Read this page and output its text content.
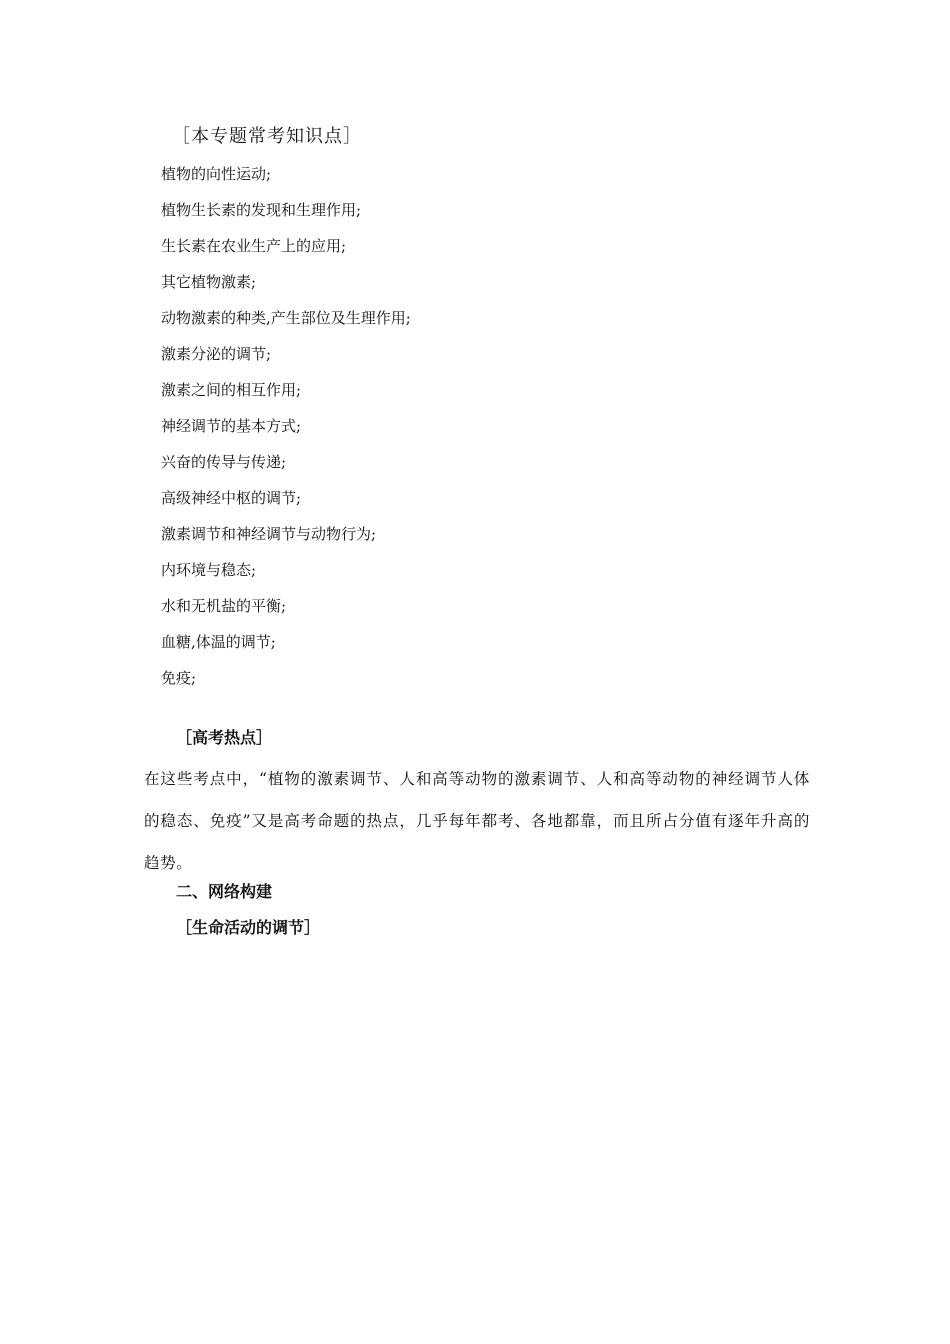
［本专题常考知识点］
植物的向性运动;
植物生长素的发现和生理作用;
生长素在农业生产上的应用;
其它植物激素;
动物激素的种类,产生部位及生理作用;
激素分泌的调节;
激素之间的相互作用;
神经调节的基本方式;
兴奋的传导与传递;
高级神经中枢的调节;
激素调节和神经调节与动物行为;
内环境与稳态;
水和无机盐的平衡;
血糖,体温的调节;
免疫;
［高考热点］

在这些考点中，“植物的激素调节、人和高等动物的激素调节、人和高等动物的神经调节人体的稳态、免疫”又是高考命题的热点，几乎每年都考、各地都靠，而且所占分值有逐年升高的趋势。

二、网络构建
［生命活动的调节］
